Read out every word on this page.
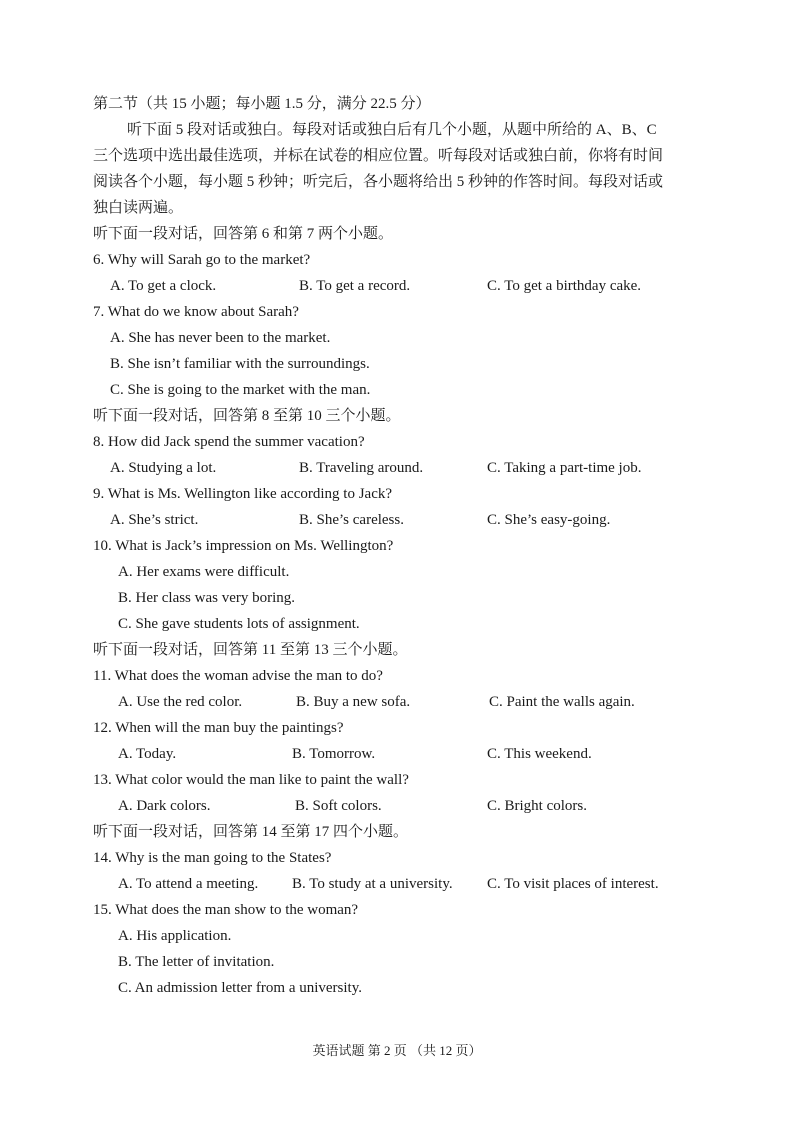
第二节（共 15 小题；每小题 1.5 分，满分 22.5 分）
听下面 5 段对话或独白。每段对话或独白后有几个小题，从题中所给的 A、B、C
三个选项中选出最佳选项，并标在试卷的相应位置。听每段对话或独白前，你将有时间
阅读各个小题，每小题 5 秒钟；听完后，各小题将给出 5 秒钟的作答时间。每段对话或
独白读两遍。
听下面一段对话，回答第 6 和第 7 两个小题。
6. Why will Sarah go to the market?
A. To get a clock.	B. To get a record.	C. To get a birthday cake.
7. What do we know about Sarah?
A. She has never been to the market.
B. She isn’t familiar with the surroundings.
C. She is going to the market with the man.
听下面一段对话，回答第 8 至第 10 三个小题。
8. How did Jack spend the summer vacation?
A. Studying a lot.	B. Traveling around.	C. Taking a part-time job.
9. What is Ms. Wellington like according to Jack?
A. She’s strict.	B. She’s careless.	C. She’s easy-going.
10. What is Jack’s impression on Ms. Wellington?
A. Her exams were difficult.
B. Her class was very boring.
C. She gave students lots of assignment.
听下面一段对话，回答第 11 至第 13 三个小题。
11. What does the woman advise the man to do?
A. Use the red color.	B. Buy a new sofa.	C. Paint the walls again.
12. When will the man buy the paintings?
A. Today.	B. Tomorrow.	C. This weekend.
13. What color would the man like to paint the wall?
A. Dark colors.	B. Soft colors.	C. Bright colors.
听下面一段对话，回答第 14 至第 17 四个小题。
14. Why is the man going to the States?
A. To attend a meeting. B. To study at a university. C. To visit places of interest.
15. What does the man show to the woman?
A. His application.
B. The letter of invitation.
C. An admission letter from a university.
英语试题 第 2 页 （共 12 页）
